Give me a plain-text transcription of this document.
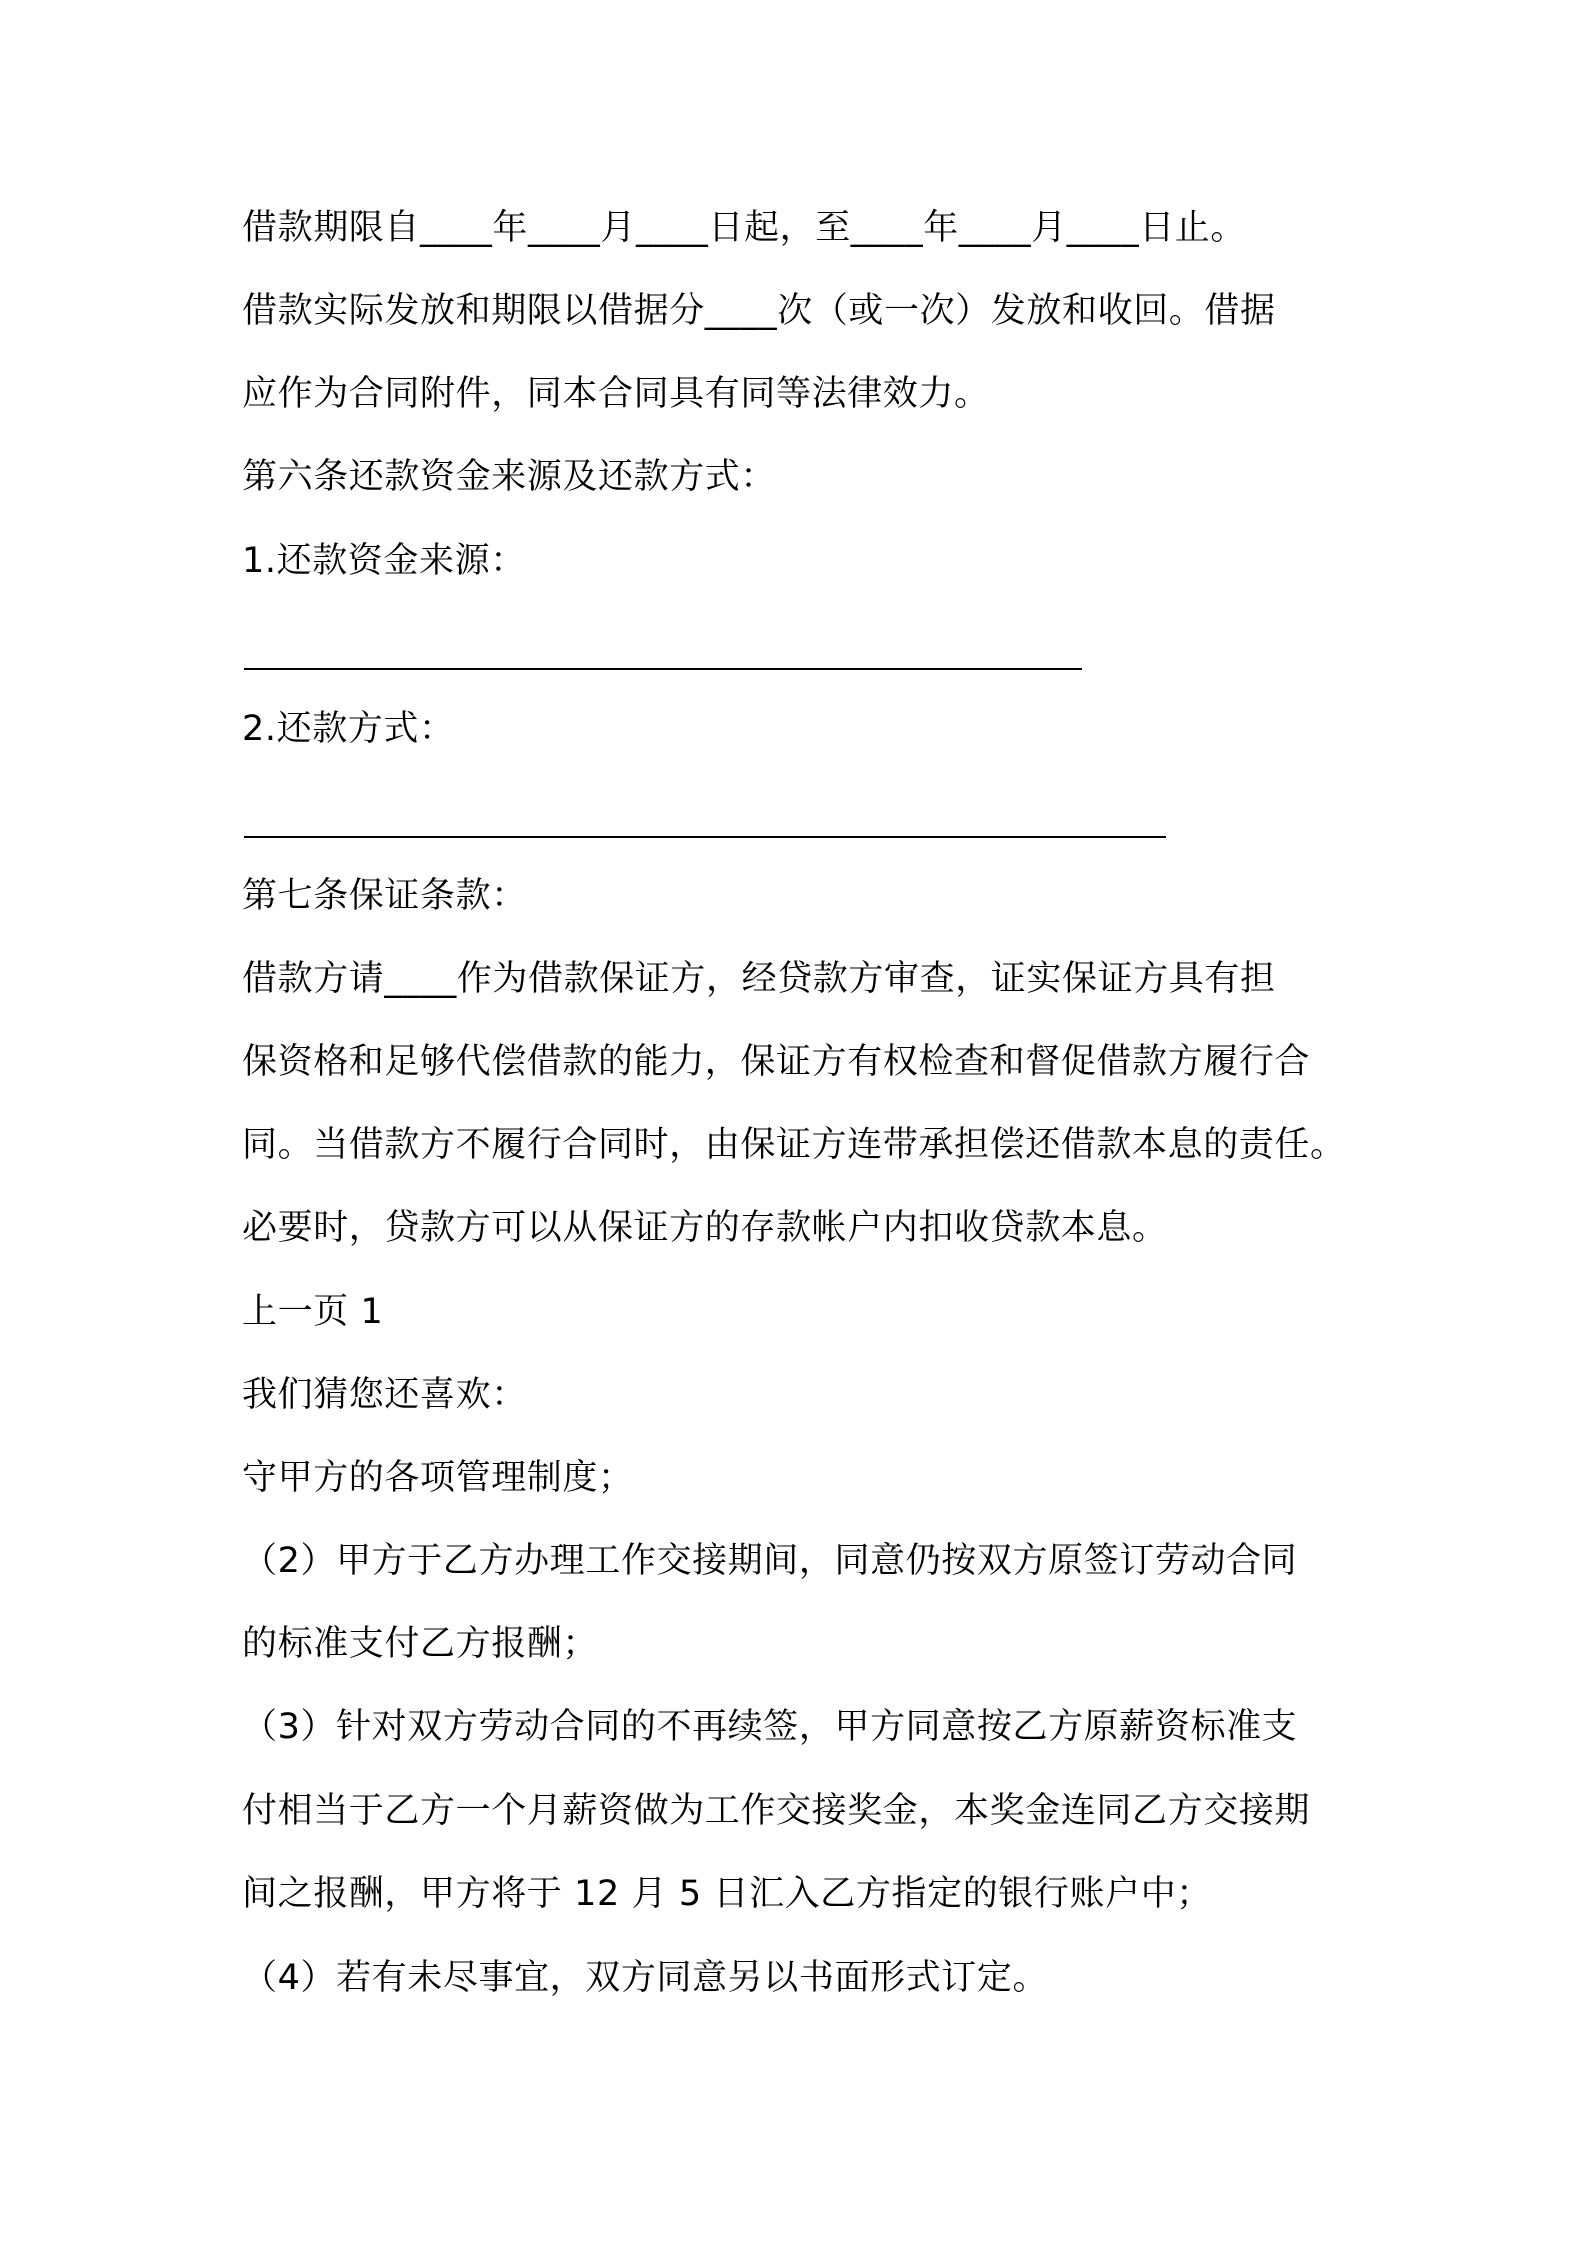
借款期限自____年____月____日起，至____年____月____日止。
借款实际发放和期限以借据分____次（或一次）发放和收回。借据
应作为合同附件，同本合同具有同等法律效力。
第六条还款资金来源及还款方式：
1.还款资金来源：
2.还款方式：
第七条保证条款：
借款方请____作为借款保证方，经贷款方审查，证实保证方具有担
保资格和足够代偿借款的能力，保证方有权检查和督促借款方履行合
同。当借款方不履行合同时，由保证方连带承担偿还借款本息的责任。
必要时，贷款方可以从保证方的存款帐户内扣收贷款本息。
上一页 1
我们猜您还喜欢：
守甲方的各项管理制度；
（2）甲方于乙方办理工作交接期间，同意仍按双方原签订劳动合同
的标准支付乙方报酬；
（3）针对双方劳动合同的不再续签，甲方同意按乙方原薪资标准支
付相当于乙方一个月薪资做为工作交接奖金，本奖金连同乙方交接期
间之报酬，甲方将于 12 月 5 日汇入乙方指定的银行账户中；
（4）若有未尽事宜，双方同意另以书面形式订定。
